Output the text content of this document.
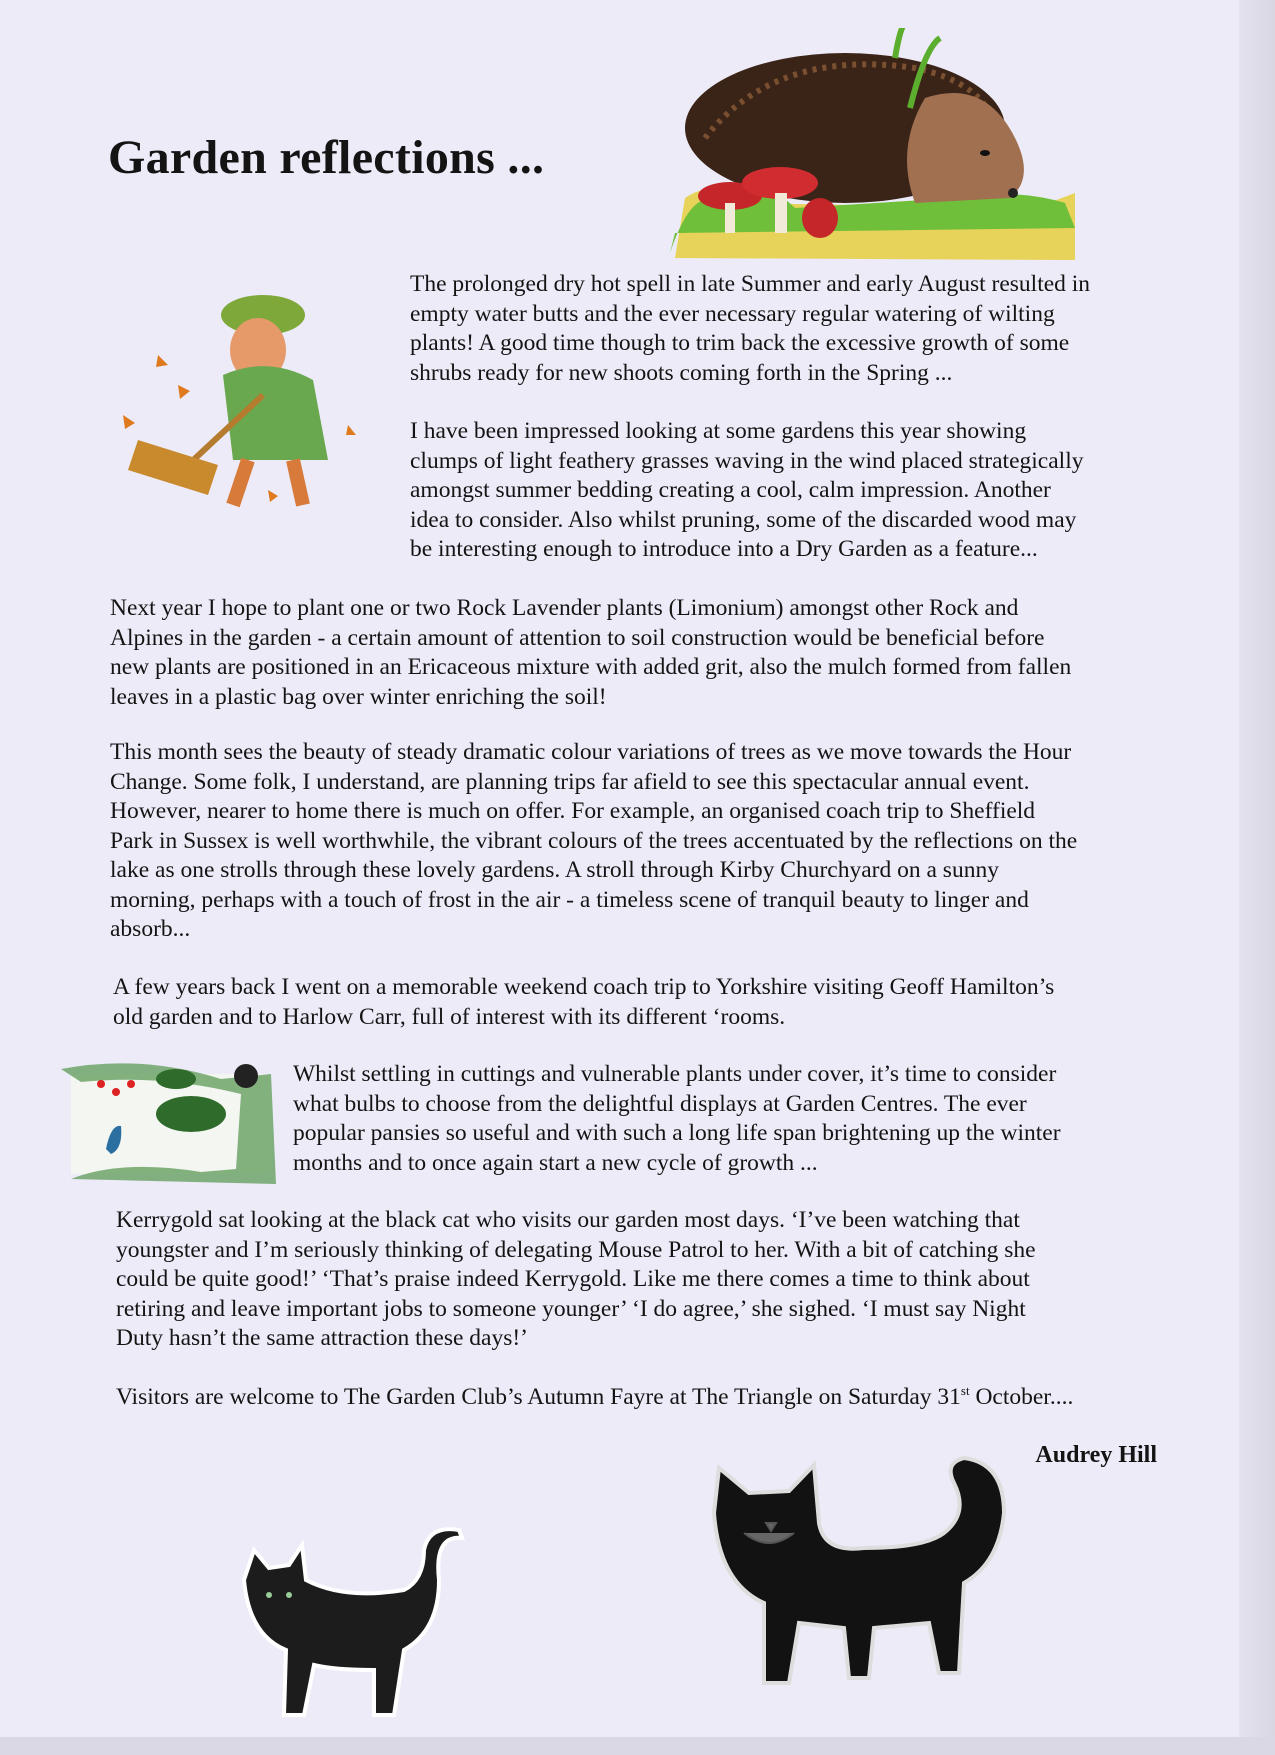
Garden reflections ...
The prolonged dry hot spell in late Summer and early August resulted in
empty water butts and the ever necessary regular watering of wilting
plants! A good time though to trim back the excessive growth of some
shrubs ready for new shoots coming forth in the Spring ...
I have been impressed looking at some gardens this year showing
clumps of light feathery grasses waving in the wind placed strategically
amongst summer bedding creating a cool, calm impression. Another
idea to consider. Also whilst pruning, some of the discarded wood may
be interesting enough to introduce into a Dry Garden as a feature...
Next year I hope to plant one or two Rock Lavender plants (Limonium) amongst other Rock and
Alpines in the garden - a certain amount of attention to soil construction would be beneficial before
new plants are positioned in an Ericaceous mixture with added grit, also the mulch formed from fallen
leaves in a plastic bag over winter enriching the soil!
This month sees the beauty of steady dramatic colour variations of trees as we move towards the Hour
Change. Some folk, I understand, are planning trips far afield to see this spectacular annual event.
However, nearer to home there is much on offer. For example, an organised coach trip to Sheffield
Park in Sussex is well worthwhile, the vibrant colours of the trees accentuated by the reflections on the
lake as one strolls through these lovely gardens. A stroll through Kirby Churchyard on a sunny
morning, perhaps with a touch of frost in the air - a timeless scene of tranquil beauty to linger and
absorb...
A few years back I went on a memorable weekend coach trip to Yorkshire visiting Geoff Hamilton’s
old garden and to Harlow Carr, full of interest with its different ‘rooms.
Whilst settling in cuttings and vulnerable plants under cover, it’s time to consider
what bulbs to choose from the delightful displays at Garden Centres. The ever
popular pansies so useful and with such a long life span brightening up the winter
months and to once again start a new cycle of growth ...
Kerrygold sat looking at the black cat who visits our garden most days. ‘I’ve been watching that
youngster and I’m seriously thinking of delegating Mouse Patrol to her. With a bit of catching she
could be quite good!’ ‘That’s praise indeed Kerrygold. Like me there comes a time to think about
retiring and leave important jobs to someone younger’ ‘I do agree,’ she sighed. ‘I must say Night
Duty hasn’t the same attraction these days!’
Visitors are welcome to The Garden Club’s Autumn Fayre at The Triangle on Saturday 31st October....
Audrey Hill
